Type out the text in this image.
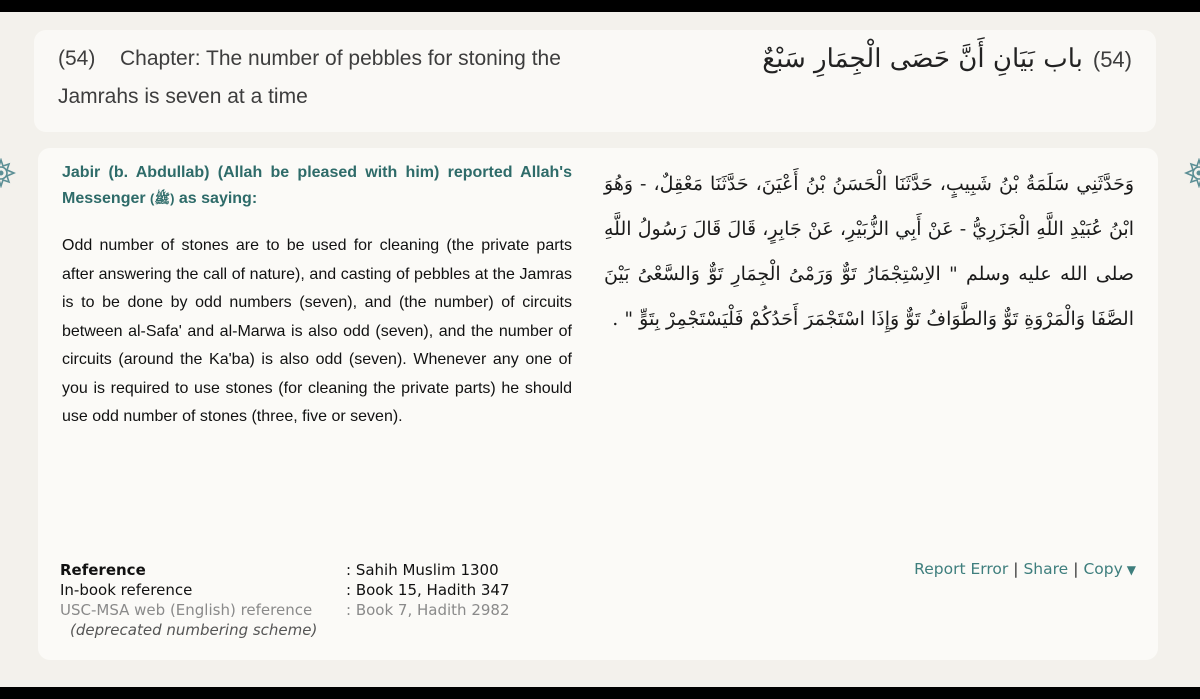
(54) Chapter: The number of pebbles for stoning the Jamrahs is seven at a time
(54)باب بَيَانِ أَنَّ حَصَى الْجِمَارِ سَبْعٌ
Jabir (b. Abdullab) (Allah be pleased with him) reported Allah's Messenger (ﷺ) as saying:
Odd number of stones are to be used for cleaning (the private parts after answering the call of nature), and casting of pebbles at the Jamras is to be done by odd numbers (seven), and (the number) of circuits between al-Safa' and al-Marwa is also odd (seven), and the number of circuits (around the Ka'ba) is also odd (seven). Whenever any one of you is required to use stones (for cleaning the private parts) he should use odd number of stones (three, five or seven).
وَحَدَّثَنِي سَلَمَةُ بْنُ شَبِيبٍ، حَدَّثَنَا الْحَسَنُ بْنُ أَعْيَنَ، حَدَّثَنَا مَعْقِلٌ، - وَهُوَ ابْنُ عُبَيْدِ اللَّهِ الْجَزَرِيُّ - عَنْ أَبِي الزُّبَيْرِ، عَنْ جَابِرٍ، قَالَ قَالَ رَسُولُ اللَّهِ صلى الله عليه وسلم " الاِسْتِجْمَارُ تَوٌّ وَرَمْىُ الْجِمَارِ تَوٌّ وَالسَّعْىُ بَيْنَ الصَّفَا وَالْمَرْوَةِ تَوٌّ وَالطَّوَافُ تَوٌّ وَإِذَا اسْتَجْمَرَ أَحَدُكُمْ فَلْيَسْتَجْمِرْ بِتَوٍّ " .
Reference	: Sahih Muslim 1300
In-book reference	: Book 15, Hadith 347
USC-MSA web (English) reference	: Book 7, Hadith 2982
(deprecated numbering scheme)
Report Error | Share | Copy ▼
